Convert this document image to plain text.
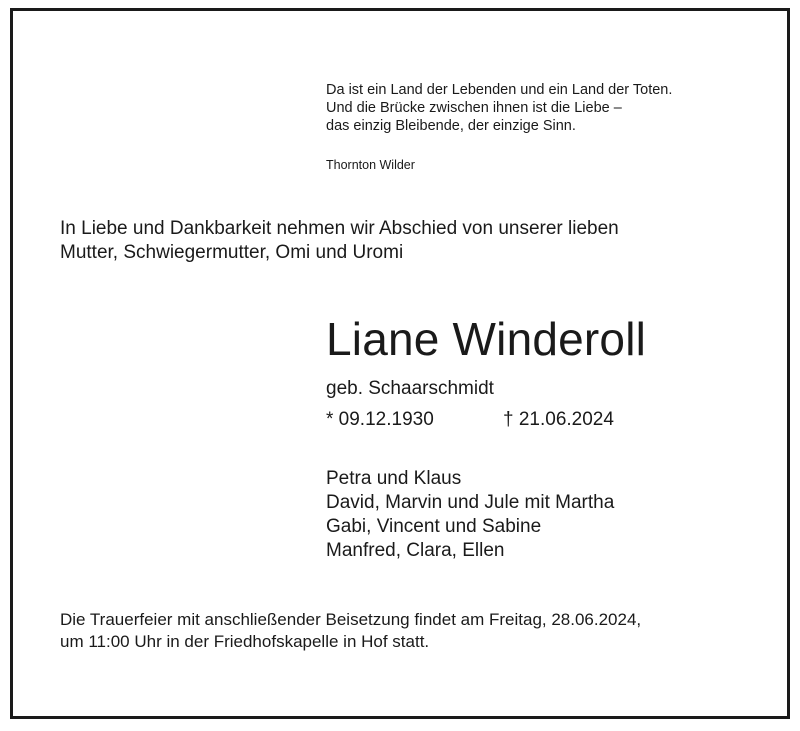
Da ist ein Land der Lebenden und ein Land der Toten.
Und die Brücke zwischen ihnen ist die Liebe –
das einzig Bleibende, der einzige Sinn.
Thornton Wilder
In Liebe und Dankbarkeit nehmen wir Abschied von unserer lieben
Mutter, Schwiegermutter, Omi und Uromi
Liane Winderoll
geb. Schaarschmidt
* 09.12.1930	† 21.06.2024
Petra und Klaus
David, Marvin und Jule mit Martha
Gabi, Vincent und Sabine
Manfred, Clara, Ellen
Die Trauerfeier mit anschließender Beisetzung findet am Freitag, 28.06.2024,
um 11:00 Uhr in der Friedhofskapelle in Hof statt.
